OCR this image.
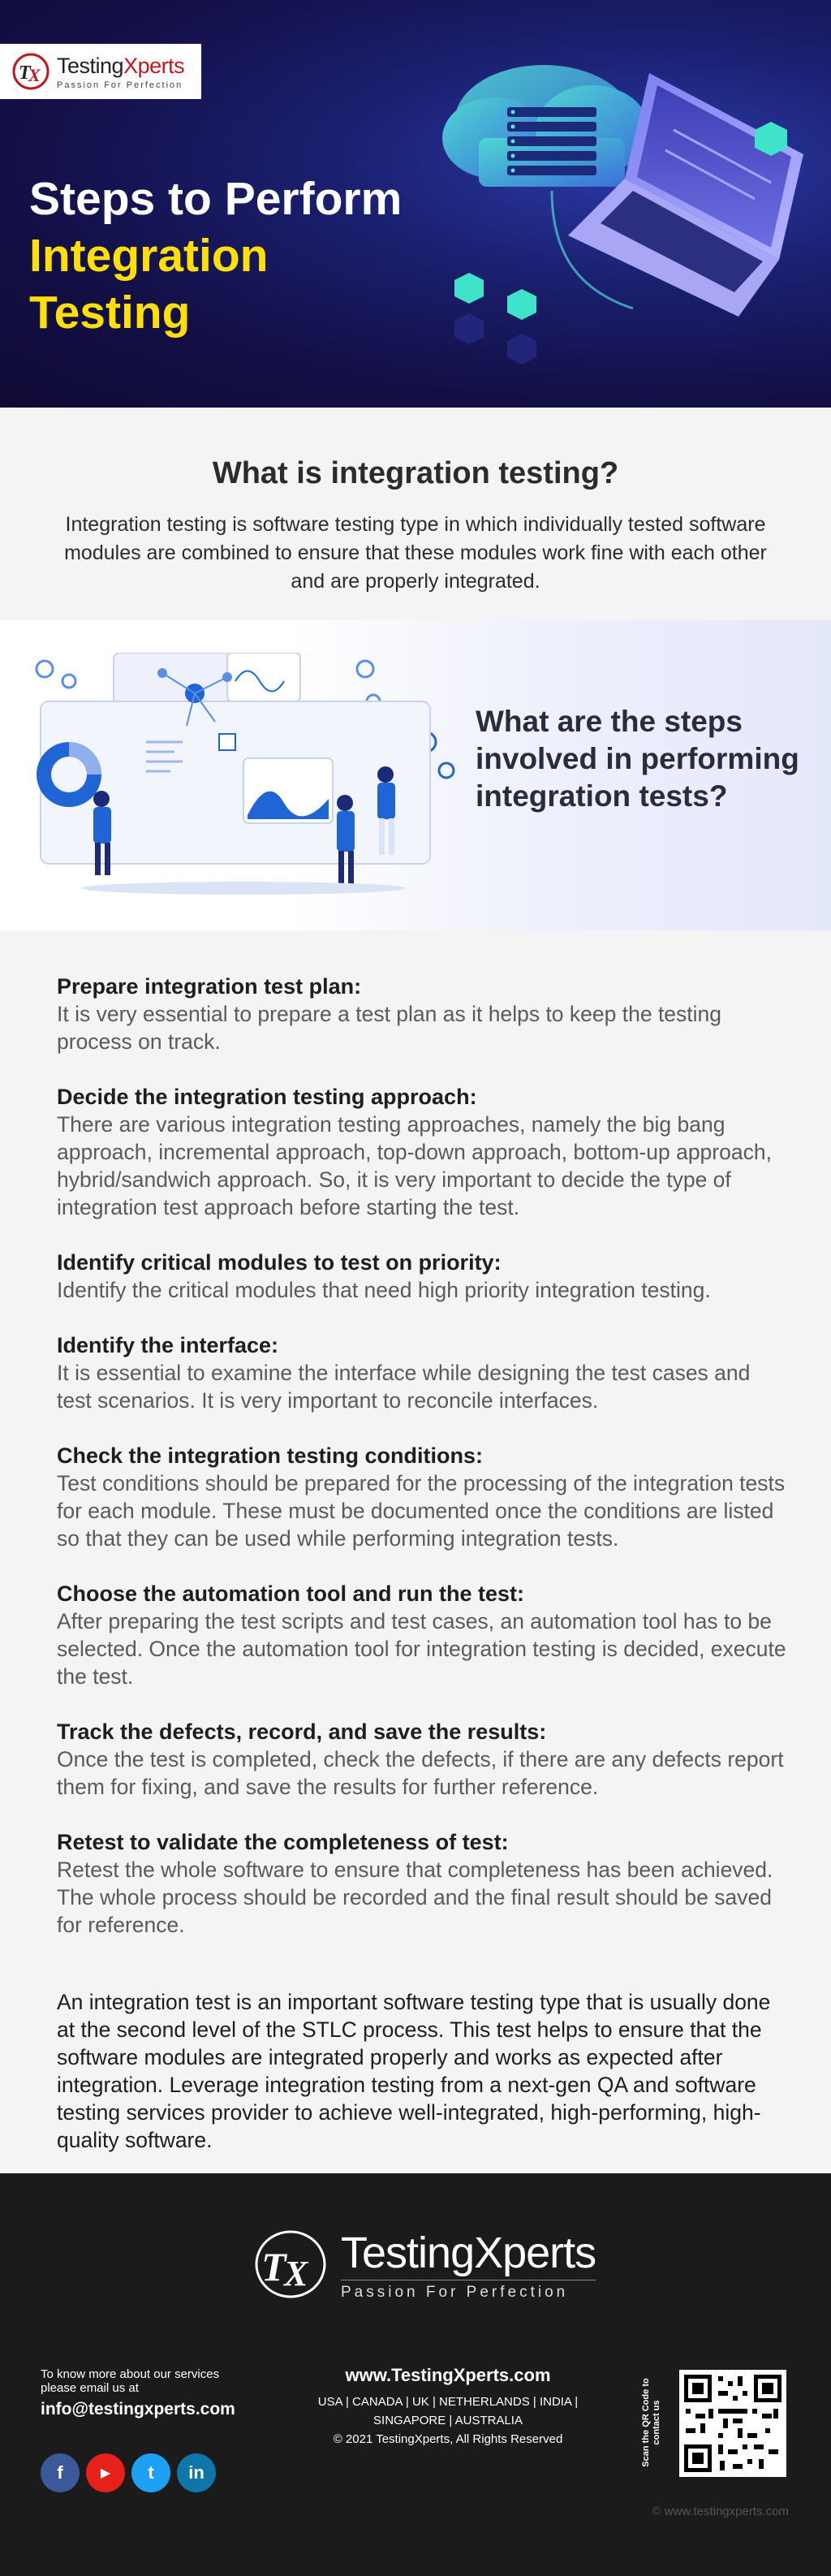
T
X TestingXperts
Passion For Perfection
Steps to Perform
Integration
Testing
What is integration testing?

Integration testing is software testing type in which individually tested software modules are combined to ensure that these modules work fine with each other and are properly integrated.

What are the steps involved in performing integration tests?
Prepare integration test plan:
It is very essential to prepare a test plan as it helps to keep the testing process on track.
Decide the integration testing approach:
There are various integration testing approaches, namely the big bang approach, incremental approach, top-down approach, bottom-up approach, hybrid/sandwich approach. So, it is very important to decide the type of integration test approach before starting the test.
Identify critical modules to test on priority:
Identify the critical modules that need high priority integration testing.
Identify the interface:
It is essential to examine the interface while designing the test cases and test scenarios. It is very important to reconcile interfaces.
Check the integration testing conditions:
Test conditions should be prepared for the processing of the integration tests for each module. These must be documented once the conditions are listed so that they can be used while performing integration tests.
Choose the automation tool and run the test:
After preparing the test scripts and test cases, an automation tool has to be selected. Once the automation tool for integration testing is decided, execute the test.
Track the defects, record, and save the results:
Once the test is completed, check the defects, if there are any defects report them for fixing, and save the results for further reference.
Retest to validate the completeness of test:
Retest the whole software to ensure that completeness has been achieved. The whole process should be recorded and the final result should be saved for reference.

An integration test is an important software testing type that is usually done at the second level of the STLC process. This test helps to ensure that the software modules are integrated properly and works as expected after integration. Leverage integration testing from a next-gen QA and software testing services provider to achieve well-integrated, high-performing, high-quality software.

T
X TestingXperts
Passion For Perfection
To know more about our services please email us at
info@testingxperts.com
f	▶ t in
www.TestingXperts.com
USA | CANADA | UK | NETHERLANDS | INDIA | SINGAPORE | AUSTRALIA
© 2021 TestingXperts, All Rights Reserved	Scan the QR Code to contact us
© www.testingxperts.com
